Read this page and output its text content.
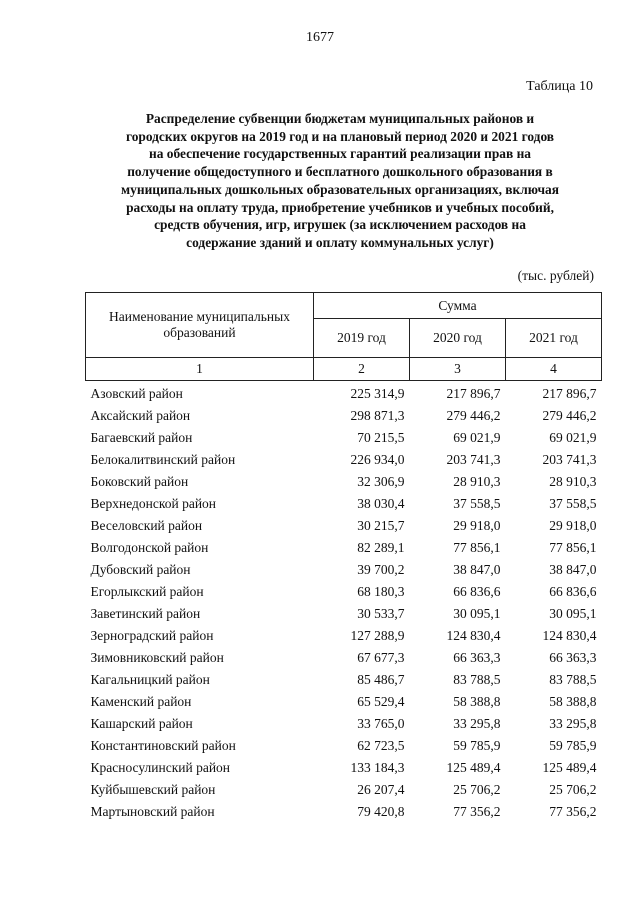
1677
Таблица 10
Распределение субвенции бюджетам муниципальных районов и
городских округов на 2019 год и на плановый период 2020 и 2021 годов
на обеспечение государственных гарантий реализации прав на
получение общедоступного и бесплатного дошкольного образования в
муниципальных дошкольных образовательных организациях, включая
расходы на оплату труда, приобретение учебников и учебных пособий,
средств обучения, игр, игрушек (за исключением расходов на
содержание зданий и оплату коммунальных услуг)
(тыс. рублей)
Наименование муниципальных образований	Сумма		
	2019 год	2020 год	2021 год
1	2	3	4
Азовский район	225 314,9	217 896,7	217 896,7
Аксайский район	298 871,3	279 446,2	279 446,2
Багаевский район	70 215,5	69 021,9	69 021,9
Белокалитвинский район	226 934,0	203 741,3	203 741,3
Боковский район	32 306,9	28 910,3	28 910,3
Верхнедонской район	38 030,4	37 558,5	37 558,5
Веселовский район	30 215,7	29 918,0	29 918,0
Волгодонской район	82 289,1	77 856,1	77 856,1
Дубовский район	39 700,2	38 847,0	38 847,0
Егорлыкский район	68 180,3	66 836,6	66 836,6
Заветинский район	30 533,7	30 095,1	30 095,1
Зерноградский район	127 288,9	124 830,4	124 830,4
Зимовниковский район	67 677,3	66 363,3	66 363,3
Кагальницкий район	85 486,7	83 788,5	83 788,5
Каменский район	65 529,4	58 388,8	58 388,8
Кашарский район	33 765,0	33 295,8	33 295,8
Константиновский район	62 723,5	59 785,9	59 785,9
Красносулинский район	133 184,3	125 489,4	125 489,4
Куйбышевский район	26 207,4	25 706,2	25 706,2
Мартыновский район	79 420,8	77 356,2	77 356,2
